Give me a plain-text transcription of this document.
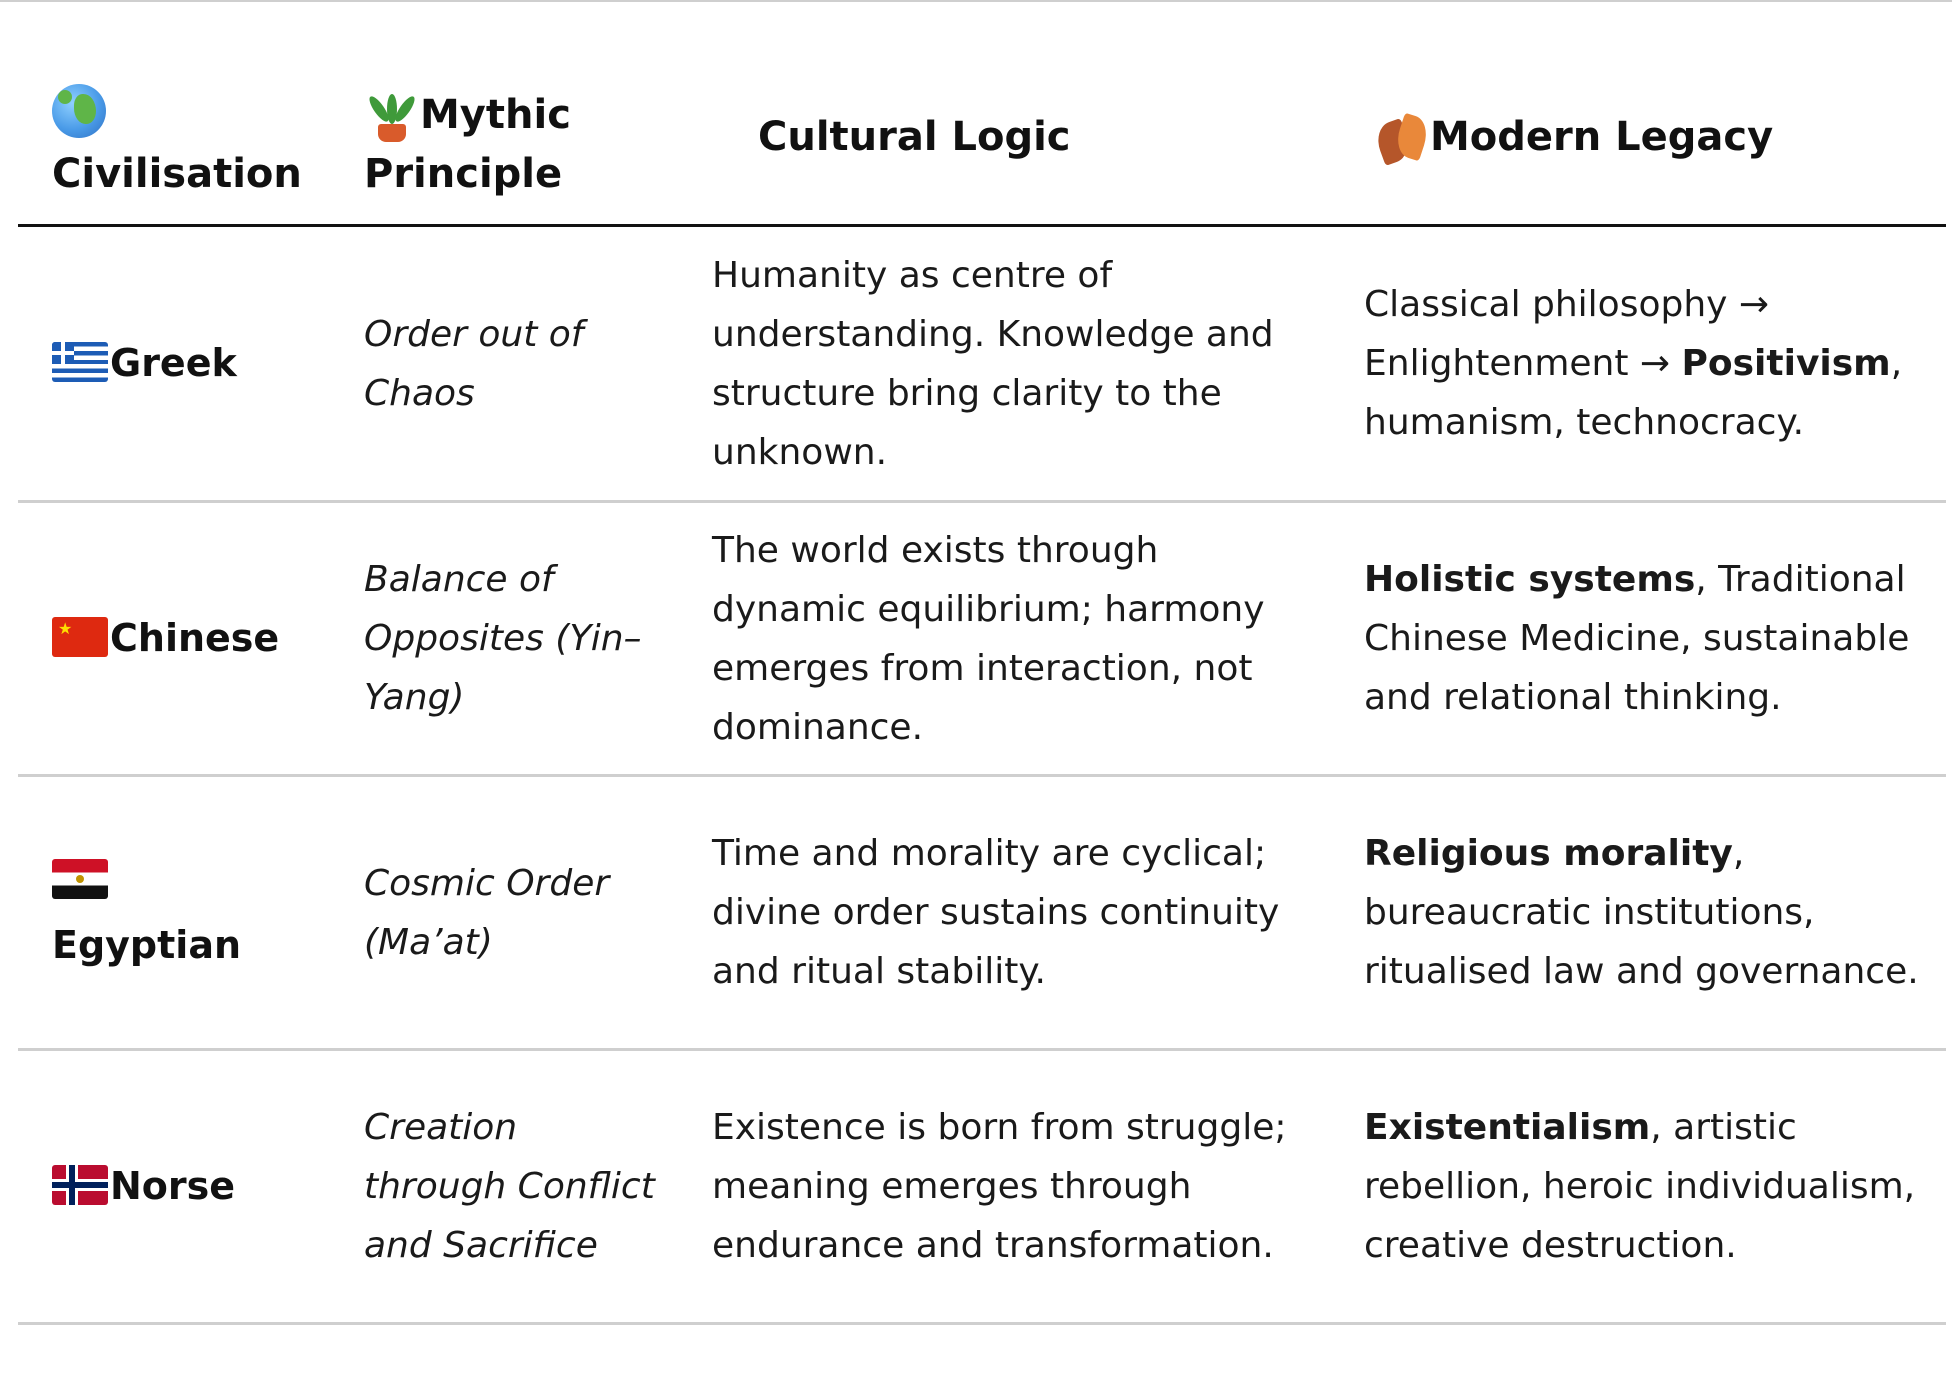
Civilisation	Mythic Principle	Cultural Logic	Modern Legacy

Greek	Order out of Chaos	Humanity as centre of understanding. Knowledge and structure bring clarity to the unknown.	Classical philosophy → Enlightenment → Positivism, humanism, technocracy.

★ Chinese	Balance of Opposites (Yin–Yang)	The world exists through dynamic equilibrium; harmony emerges from interaction, not dominance.	Holistic systems, Traditional Chinese Medicine, sustainable and relational thinking.

Egyptian	Cosmic Order (Ma’at)	Time and morality are cyclical; divine order sustains continuity and ritual stability.	Religious morality, bureaucratic institutions, ritualised law and governance.

Norse	Creation through Conflict and Sacrifice	Existence is born from struggle; meaning emerges through endurance and transformation.	Existentialism, artistic rebellion, heroic individualism, creative destruction.
